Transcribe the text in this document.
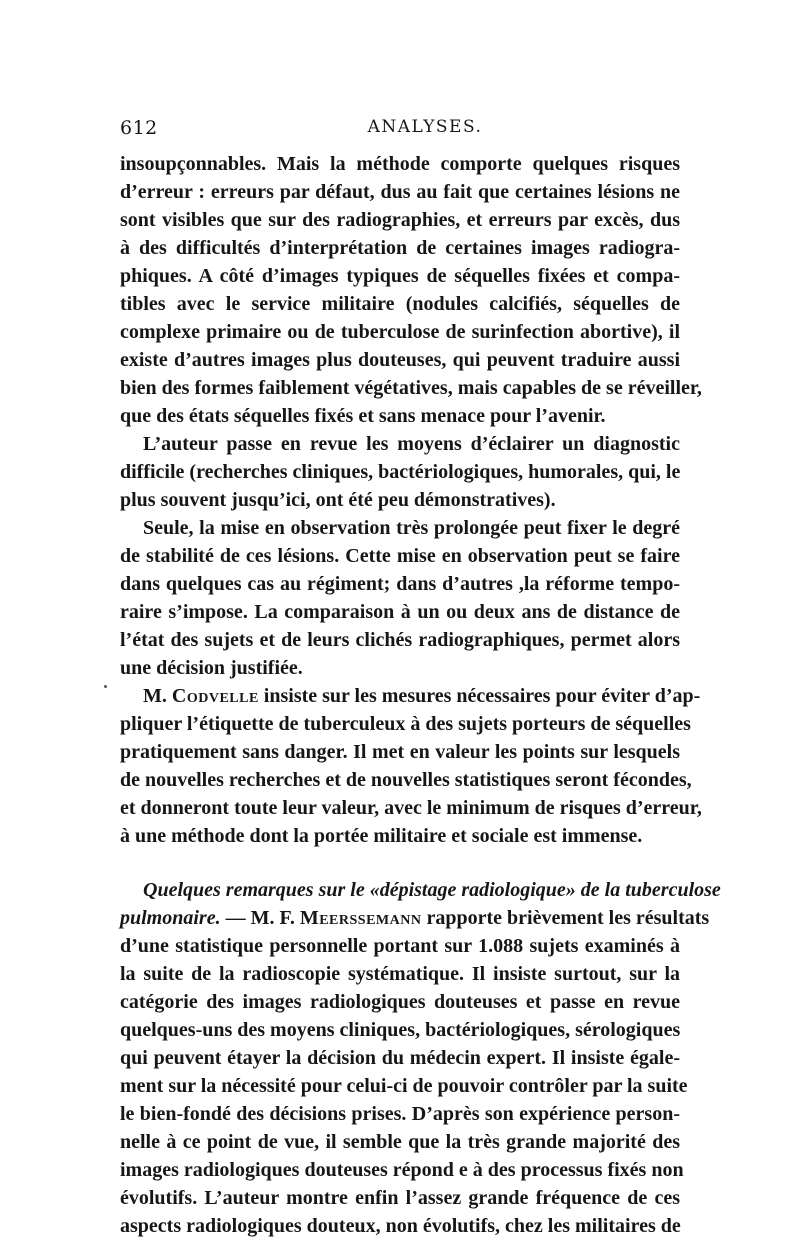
612	ANALYSES.
insoupçonnables. Mais la méthode comporte quelques risques
d’erreur : erreurs par défaut, dus au fait que certaines lésions ne
sont visibles que sur des radiographies, et erreurs par excès, dus
à des difficultés d’interprétation de certaines images radiogra-
phiques. A côté d’images typiques de séquelles fixées et compa-
tibles avec le service militaire (nodules calcifiés, séquelles de
complexe primaire ou de tuberculose de surinfection abortive), il
existe d’autres images plus douteuses, qui peuvent traduire aussi
bien des formes faiblement végétatives, mais capables de se réveiller,
que des états séquelles fixés et sans menace pour l’avenir.
L’auteur passe en revue les moyens d’éclairer un diagnostic
difficile (recherches cliniques, bactériologiques, humorales, qui, le
plus souvent jusqu’ici, ont été peu démonstratives).
Seule, la mise en observation très prolongée peut fixer le degré
de stabilité de ces lésions. Cette mise en observation peut se faire
dans quelques cas au régiment; dans d’autres ,la réforme tempo-
raire s’impose. La comparaison à un ou deux ans de distance de
l’état des sujets et de leurs clichés radiographiques, permet alors
une décision justifiée.
M. Codvelle insiste sur les mesures nécessaires pour éviter d’ap-
pliquer l’étiquette de tuberculeux à des sujets porteurs de séquelles
pratiquement sans danger. Il met en valeur les points sur lesquels
de nouvelles recherches et de nouvelles statistiques seront fécondes,
et donneront toute leur valeur, avec le minimum de risques d’erreur,
à une méthode dont la portée militaire et sociale est immense.
Quelques remarques sur le «dépistage radiologique» de la tuberculose
pulmonaire. — M. F. Meerssemann rapporte brièvement les résultats
d’une statistique personnelle portant sur 1.088 sujets examinés à
la suite de la radioscopie systématique. Il insiste surtout, sur la
catégorie des images radiologiques douteuses et passe en revue
quelques-uns des moyens cliniques, bactériologiques, sérologiques
qui peuvent étayer la décision du médecin expert. Il insiste égale-
ment sur la nécessité pour celui-ci de pouvoir contrôler par la suite
le bien-fondé des décisions prises. D’après son expérience person-
nelle à ce point de vue, il semble que la très grande majorité des
images radiologiques douteuses répond e à des processus fixés non
évolutifs. L’auteur montre enfin l’assez grande fréquence de ces
aspects radiologiques douteux, non évolutifs, chez les militaires de
